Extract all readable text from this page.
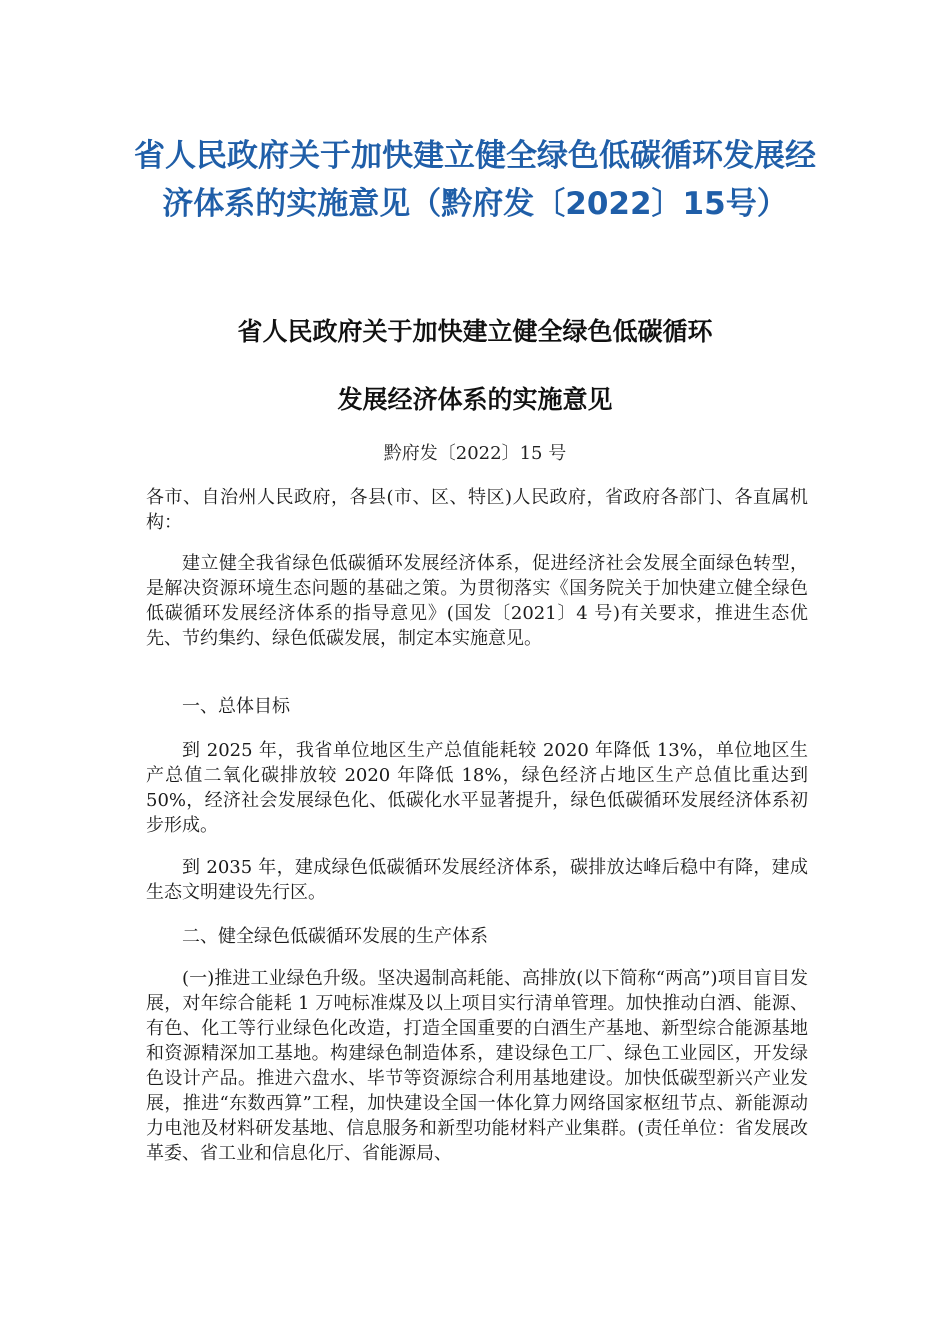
省人民政府关于加快建立健全绿色低碳循环发展经济体系的实施意见（黔府发〔2022〕15号）
省人民政府关于加快建立健全绿色低碳循环
发展经济体系的实施意见

黔府发〔2022〕15 号

各市、自治州人民政府，各县(市、区、特区)人民政府，省政府各部门、各直属机构：

建立健全我省绿色低碳循环发展经济体系，促进经济社会发展全面绿色转型，是解决资源环境生态问题的基础之策。为贯彻落实《国务院关于加快建立健全绿色低碳循环发展经济体系的指导意见》(国发〔2021〕4 号)有关要求，推进生态优先、节约集约、绿色低碳发展，制定本实施意见。

一、总体目标

到 2025 年，我省单位地区生产总值能耗较 2020 年降低 13%，单位地区生产总值二氧化碳排放较 2020 年降低 18%，绿色经济占地区生产总值比重达到 50%，经济社会发展绿色化、低碳化水平显著提升，绿色低碳循环发展经济体系初步形成。

到 2035 年，建成绿色低碳循环发展经济体系，碳排放达峰后稳中有降，建成生态文明建设先行区。

二、健全绿色低碳循环发展的生产体系

(一)推进工业绿色升级。坚决遏制高耗能、高排放(以下简称“两高”)项目盲目发展，对年综合能耗 1 万吨标准煤及以上项目实行清单管理。加快推动白酒、能源、有色、化工等行业绿色化改造，打造全国重要的白酒生产基地、新型综合能源基地和资源精深加工基地。构建绿色制造体系，建设绿色工厂、绿色工业园区，开发绿色设计产品。推进六盘水、毕节等资源综合利用基地建设。加快低碳型新兴产业发展，推进“东数西算”工程，加快建设全国一体化算力网络国家枢纽节点、新能源动力电池及材料研发基地、信息服务和新型功能材料产业集群。(责任单位：省发展改革委、省工业和信息化厅、省能源局、
